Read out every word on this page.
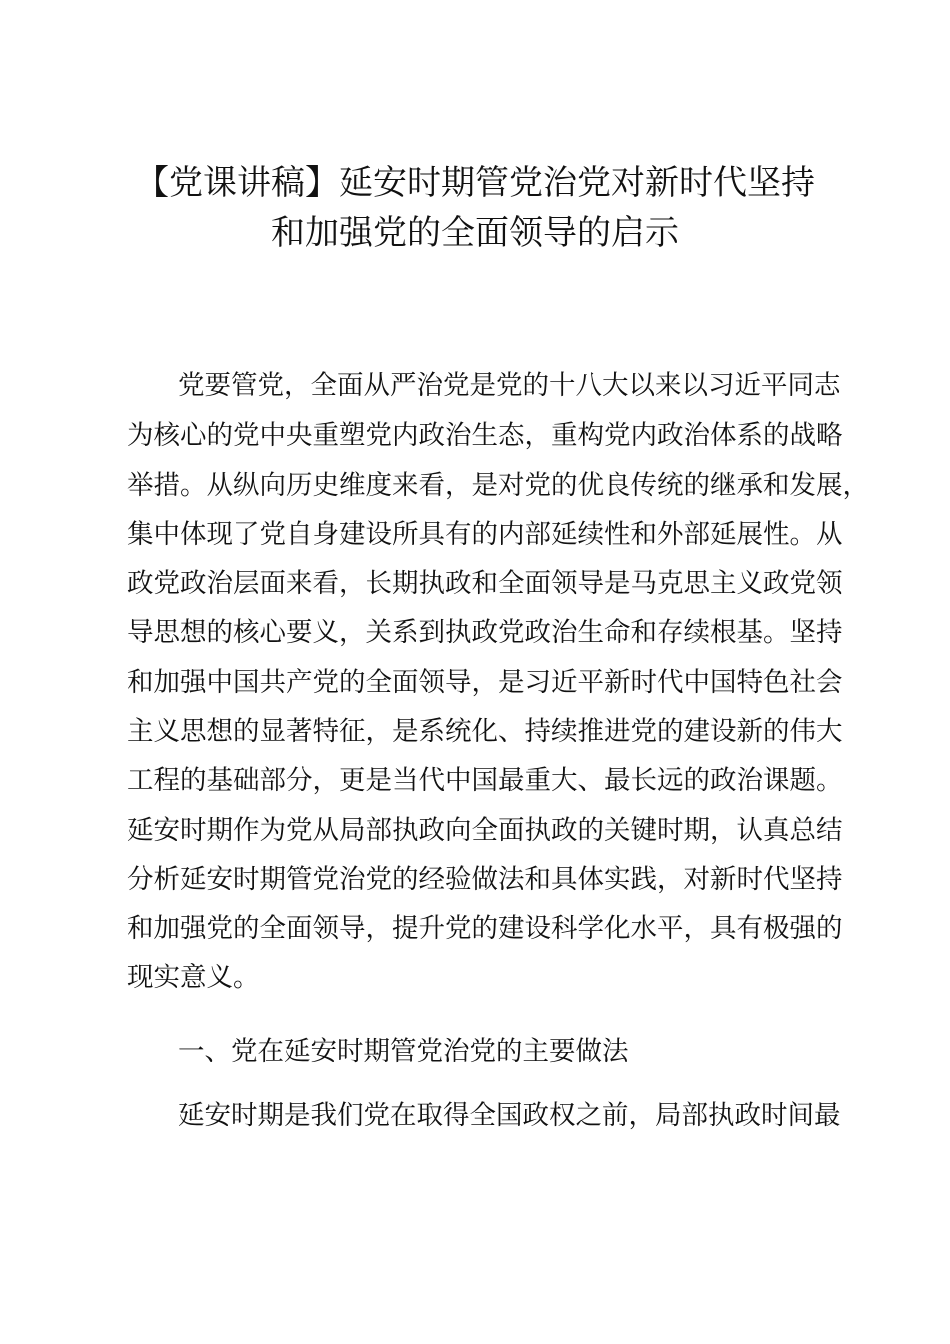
【党课讲稿】延安时期管党治党对新时代坚持
和加强党的全面领导的启示
党要管党，全面从严治党是党的十八大以来以习近平同志
为核心的党中央重塑党内政治生态，重构党内政治体系的战略
举措。从纵向历史维度来看，是对党的优良传统的继承和发展，
集中体现了党自身建设所具有的内部延续性和外部延展性。从
政党政治层面来看，长期执政和全面领导是马克思主义政党领
导思想的核心要义，关系到执政党政治生命和存续根基。坚持
和加强中国共产党的全面领导，是习近平新时代中国特色社会
主义思想的显著特征，是系统化、持续推进党的建设新的伟大
工程的基础部分，更是当代中国最重大、最长远的政治课题。
延安时期作为党从局部执政向全面执政的关键时期，认真总结
分析延安时期管党治党的经验做法和具体实践，对新时代坚持
和加强党的全面领导，提升党的建设科学化水平，具有极强的
现实意义。
一、党在延安时期管党治党的主要做法
延安时期是我们党在取得全国政权之前，局部执政时间最
